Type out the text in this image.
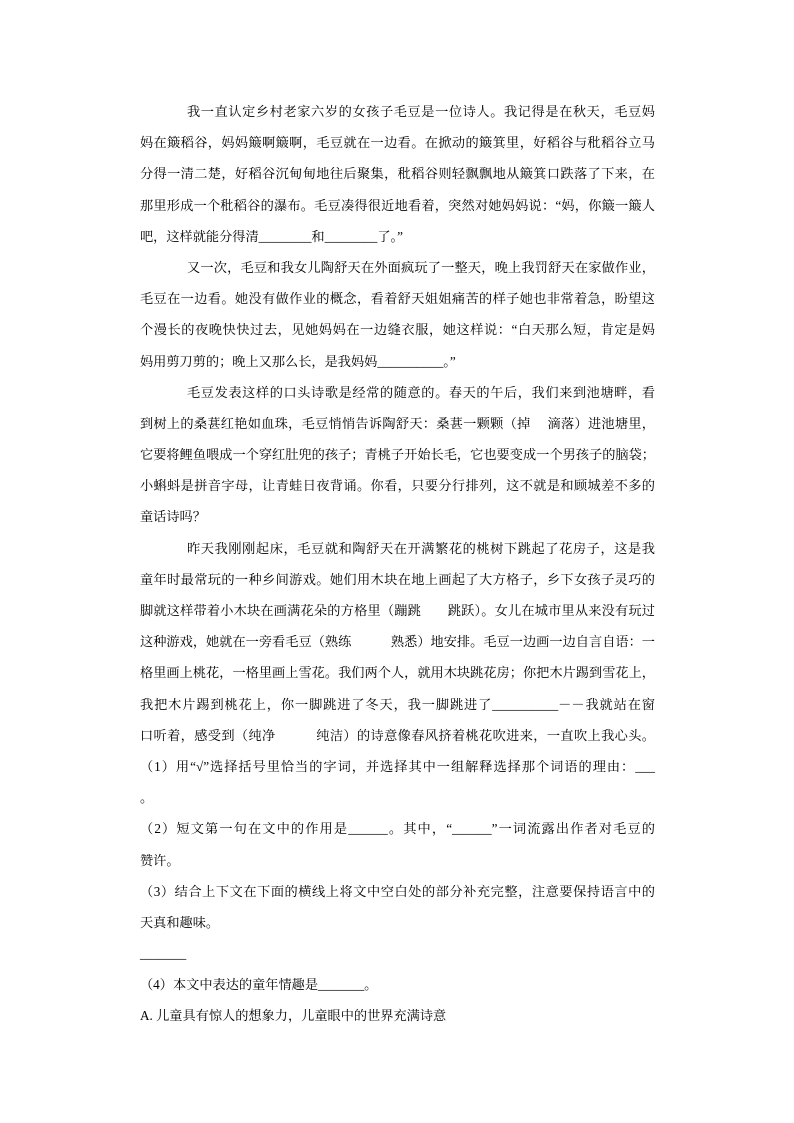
我一直认定乡村老家六岁的女孩子毛豆是一位诗人。我记得是在秋天，毛豆妈
妈在簸稻谷，妈妈簸啊簸啊，毛豆就在一边看。在掀动的簸箕里，好稻谷与秕稻谷立马
分得一清二楚，好稻谷沉甸甸地往后聚集，秕稻谷则轻飘飘地从簸箕口跌落了下来，在
那里形成一个秕稻谷的瀑布。毛豆凑得很近地看着，突然对她妈妈说：“妈，你簸一簸人
吧，这样就能分得清________和________了。”
又一次，毛豆和我女儿陶舒天在外面疯玩了一整天，晚上我罚舒天在家做作业，
毛豆在一边看。她没有做作业的概念，看着舒天姐姐痛苦的样子她也非常着急，盼望这
个漫长的夜晚快快过去，见她妈妈在一边缝衣服，她这样说：“白天那么短，肯定是妈
妈用剪刀剪的；晚上又那么长，是我妈妈__________。”
毛豆发表这样的口头诗歌是经常的随意的。春天的午后，我们来到池塘畔，看
到树上的桑葚红艳如血珠，毛豆悄悄告诉陶舒天：桑葚一颗颗（掉　 滴落）进池塘里，
它要将鲤鱼喂成一个穿红肚兜的孩子；青桃子开始长毛，它也要变成一个男孩子的脑袋；
小蝌蚪是拼音字母，让青蛙日夜背诵。你看，只要分行排列，这不就是和顾城差不多的
童话诗吗？
昨天我刚刚起床，毛豆就和陶舒天在开满繁花的桃树下跳起了花房子，这是我
童年时最常玩的一种乡间游戏。她们用木块在地上画起了大方格子，乡下女孩子灵巧的
脚就这样带着小木块在画满花朵的方格里（蹦跳　　跳跃）。女儿在城市里从来没有玩过
这种游戏，她就在一旁看毛豆（熟练　　　熟悉）地安排。毛豆一边画一边自言自语：一
格里画上桃花，一格里画上雪花。我们两个人，就用木块跳花房；你把木片踢到雪花上，
我把木片踢到桃花上，你一脚跳进了冬天，我一脚跳进了__________－－我就站在窗
口听着，感受到（纯净　　　纯洁）的诗意像春风挤着桃花吹进来，一直吹上我心头。
（1）用“√”选择括号里恰当的字词，并选择其中一组解释选择那个词语的理由：___
。
（2）短文第一句在文中的作用是______。其中，“______”一词流露出作者对毛豆的
赞许。
（3）结合上下文在下面的横线上将文中空白处的部分补充完整，注意要保持语言中的
天真和趣味。
_______
（4）本文中表达的童年情趣是_______。
A. 儿童具有惊人的想象力，儿童眼中的世界充满诗意
